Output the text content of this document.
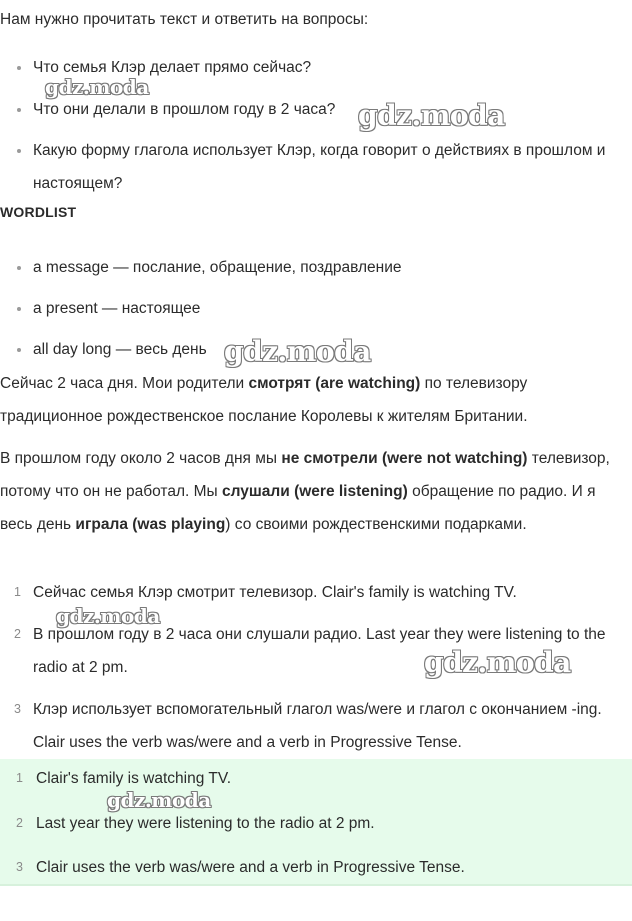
Нам нужно прочитать текст и ответить на вопросы:

Что семья Клэр делает прямо сейчас?
Что они делали в прошлом году в 2 часа?
Какую форму глагола использует Клэр, когда говорит о действиях в прошлом и настоящем?
WORDLIST
a message — послание, обращение, поздравление
a present — настоящее
all day long — весь день

Сейчас 2 часа дня. Мои родители смотрят (are watching) по телевизору традиционное рождественское послание Королевы к жителям Британии.

В прошлом году около 2 часов дня мы не смотрели (were not watching) телевизор, потому что он не работал. Мы слушали (were listening) обращение по радио. И я весь день играла (was playing) со своими рождественскими подарками.

1 Сейчас семья Клэр смотрит телевизор. Clair's family is watching TV.
2 В прошлом году в 2 часа они слушали радио. Last year they were listening to the radio at 2 pm.
3 Клэр использует вспомогательный глагол was/were и глагол с окончанием -ing. Clair uses the verb was/were and a verb in Progressive Tense.
1 Clair's family is watching TV.
2 Last year they were listening to the radio at 2 pm.
3 Clair uses the verb was/were and a verb in Progressive Tense.
gdz.moda
gdz.moda
gdz.moda
gdz.moda
gdz.moda
gdz.moda
